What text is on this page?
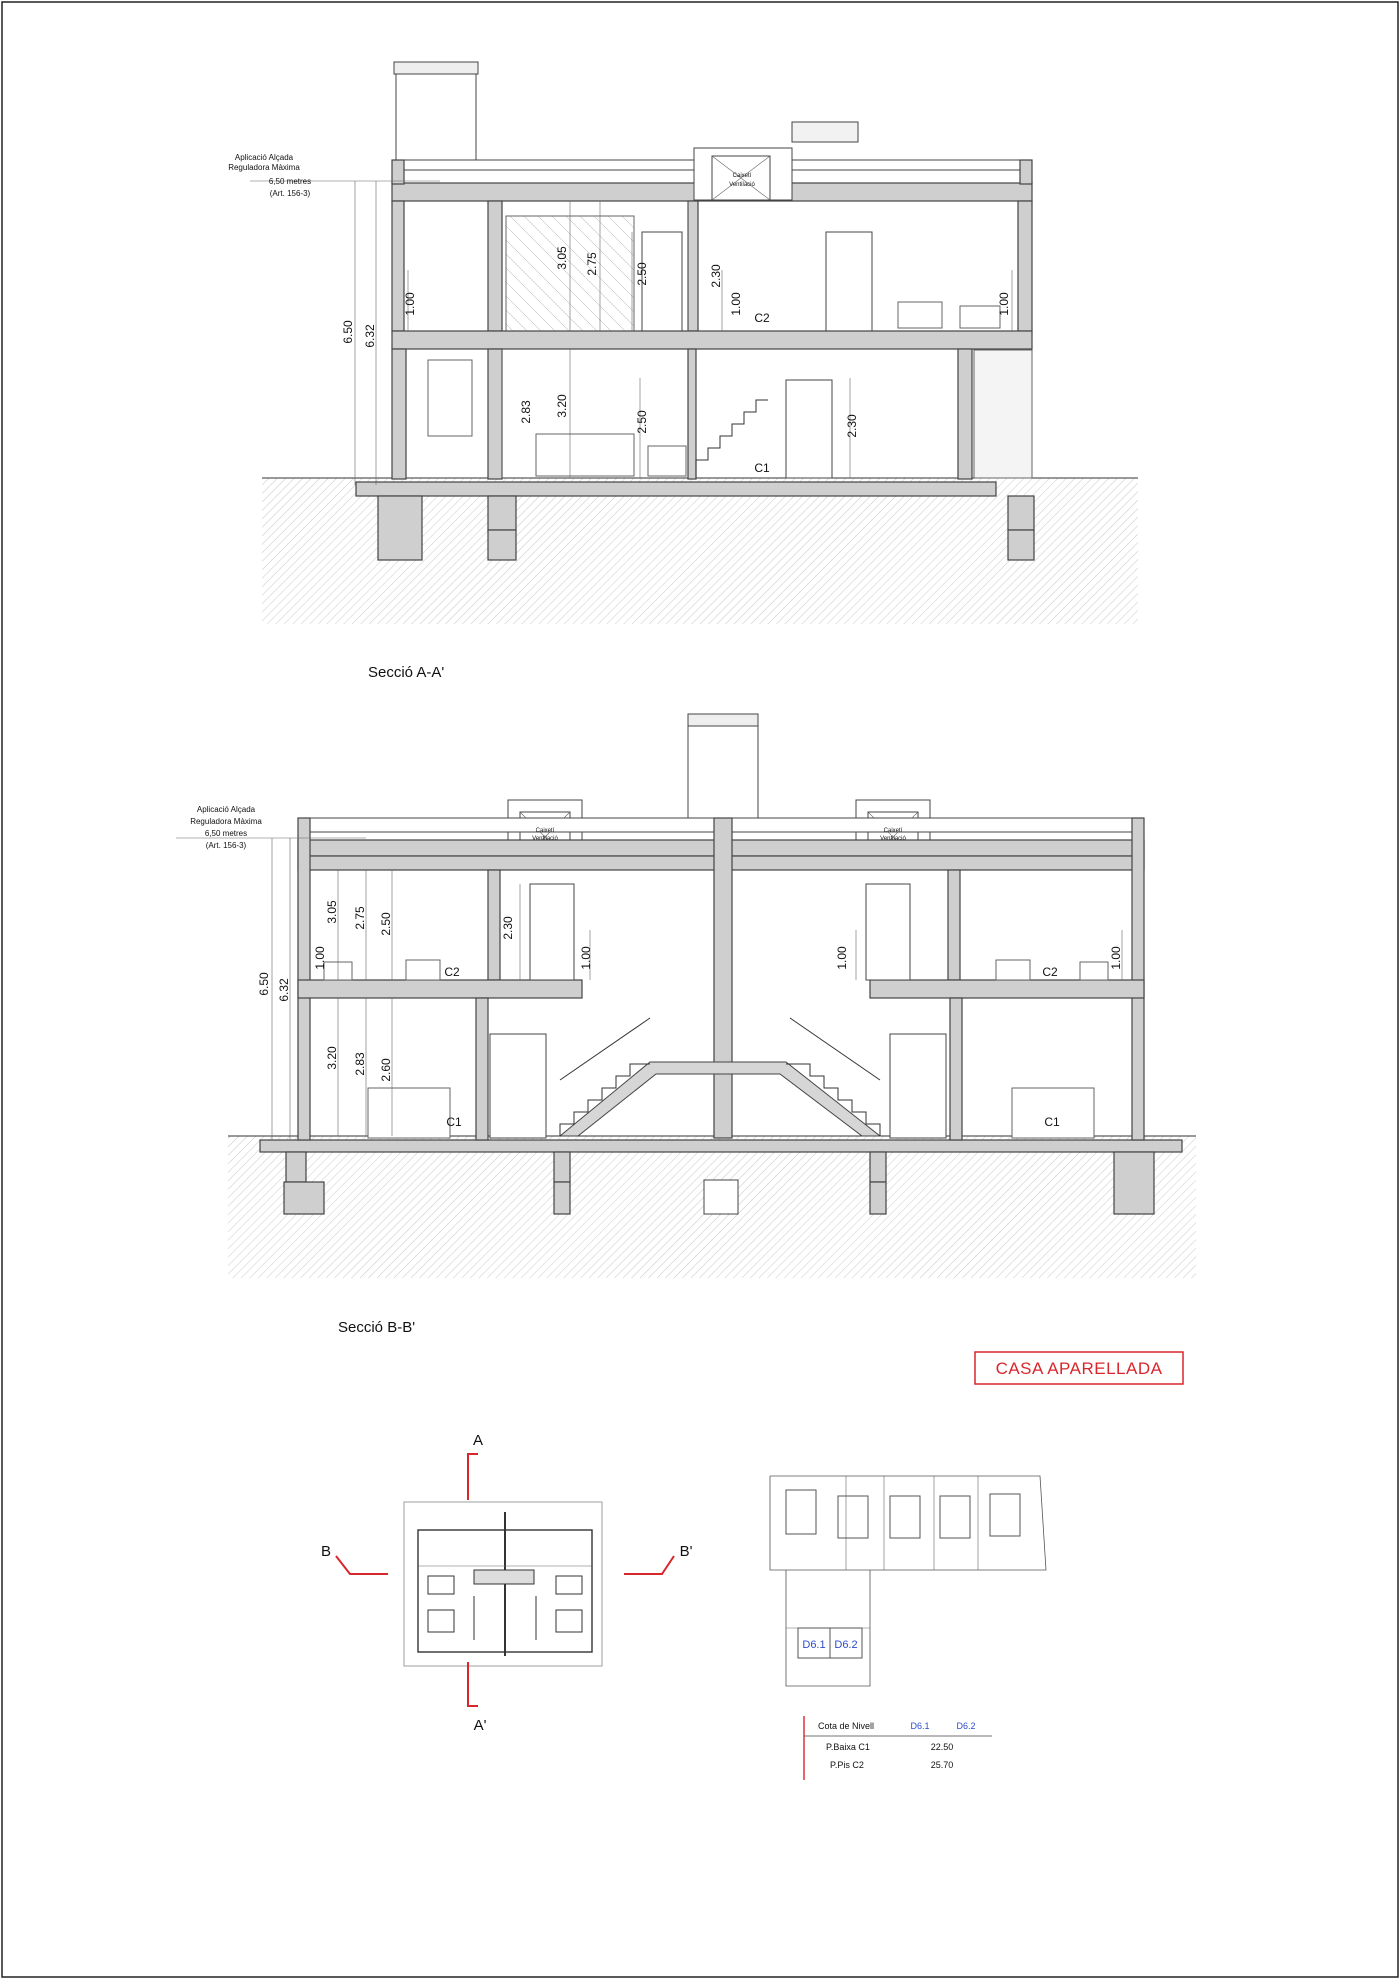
Aplicació Alçada
Reguladora Màxima
6,50 metres
(Art. 156-3)
Caixetí
Ventilació
6.50 6.32
1.00
3.05 2.75	2.50	2.30
1.00	1.00
2.83 3.20
2.50	2.30
C2
C1
Secció A-A'
Aplicació Alçada
Reguladora Màxima
6,50 metres
(Art. 156-3)
Caixetí
Ventilació
Caixetí
Ventilació
6.50 6.32
3.05 2.75 2.50
1.00
2.30
1.00
3.20 2.83 2.60
1.00	1.00
C2	C2
C1	C1
Secció B-B'
CASA APARELLADA
A
A'
B	B'
D6.1 D6.2
Cota de Nivell	D6.1	D6.2
P.Baixa C1	22.50
P.Pis C2	25.70
